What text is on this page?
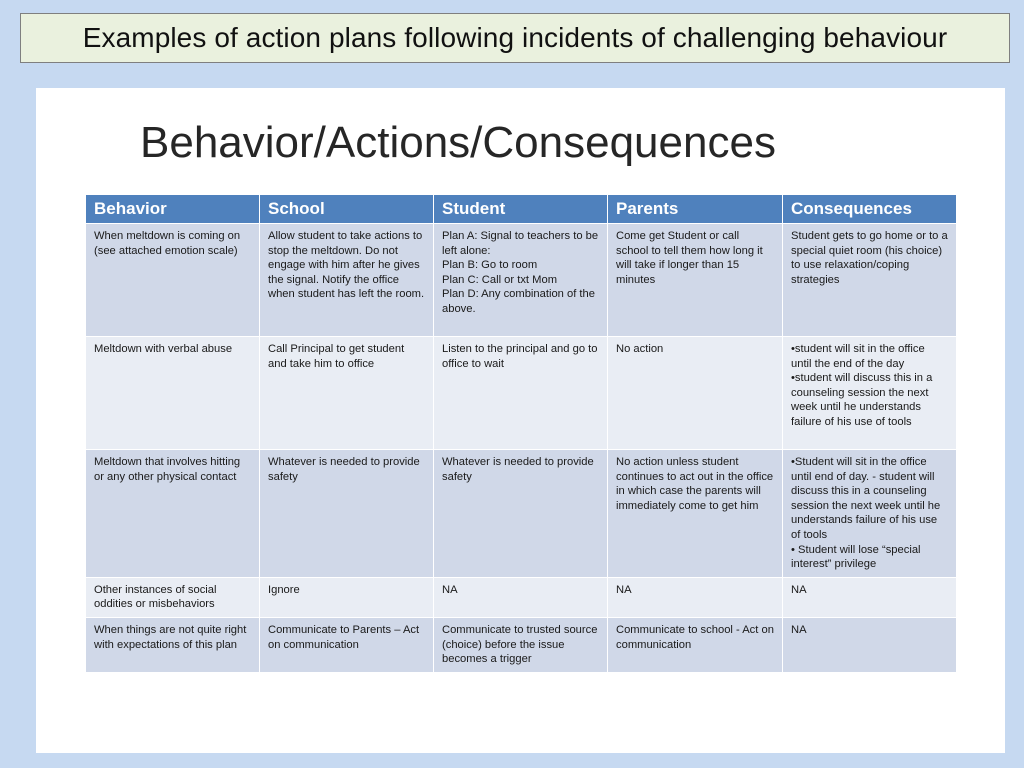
Examples of action plans following incidents of challenging behaviour
Behavior/Actions/Consequences
Behavior	School	Student	Parents	Consequences
When meltdown is coming on (see attached emotion scale)	Allow student to take actions to stop the meltdown. Do not engage with him after he gives the signal. Notify the office when student has left the room.	Plan A: Signal to teachers to be left alone:
Plan B: Go to room
Plan C: Call or txt Mom
Plan D: Any combination of the above.	Come get Student or call school to tell them how long it will take if longer than 15 minutes	Student gets to go home or to a special quiet room (his choice) to use relaxation/coping strategies

Meltdown with verbal abuse	Call Principal to get student and take him to office	Listen to the principal and go to office to wait	No action	•student will sit in the office until the end of the day
•student will discuss this in a counseling session the next week until he understands failure of his use of tools

Meltdown that involves hitting or any other physical contact	Whatever is needed to provide safety	Whatever is needed to provide safety	No action unless student continues to act out in the office in which case the parents will immediately come to get him	•Student will sit in the office until end of day. - student will discuss this in a counseling session the next week until he understands failure of his use of tools
• Student will lose “special interest” privilege

Other instances of social oddities or misbehaviors	Ignore	NA	NA	NA

When things are not quite right with expectations of this plan	Communicate to Parents – Act on communication	Communicate to trusted source (choice) before the issue becomes a trigger	Communicate to school - Act on communication	NA
